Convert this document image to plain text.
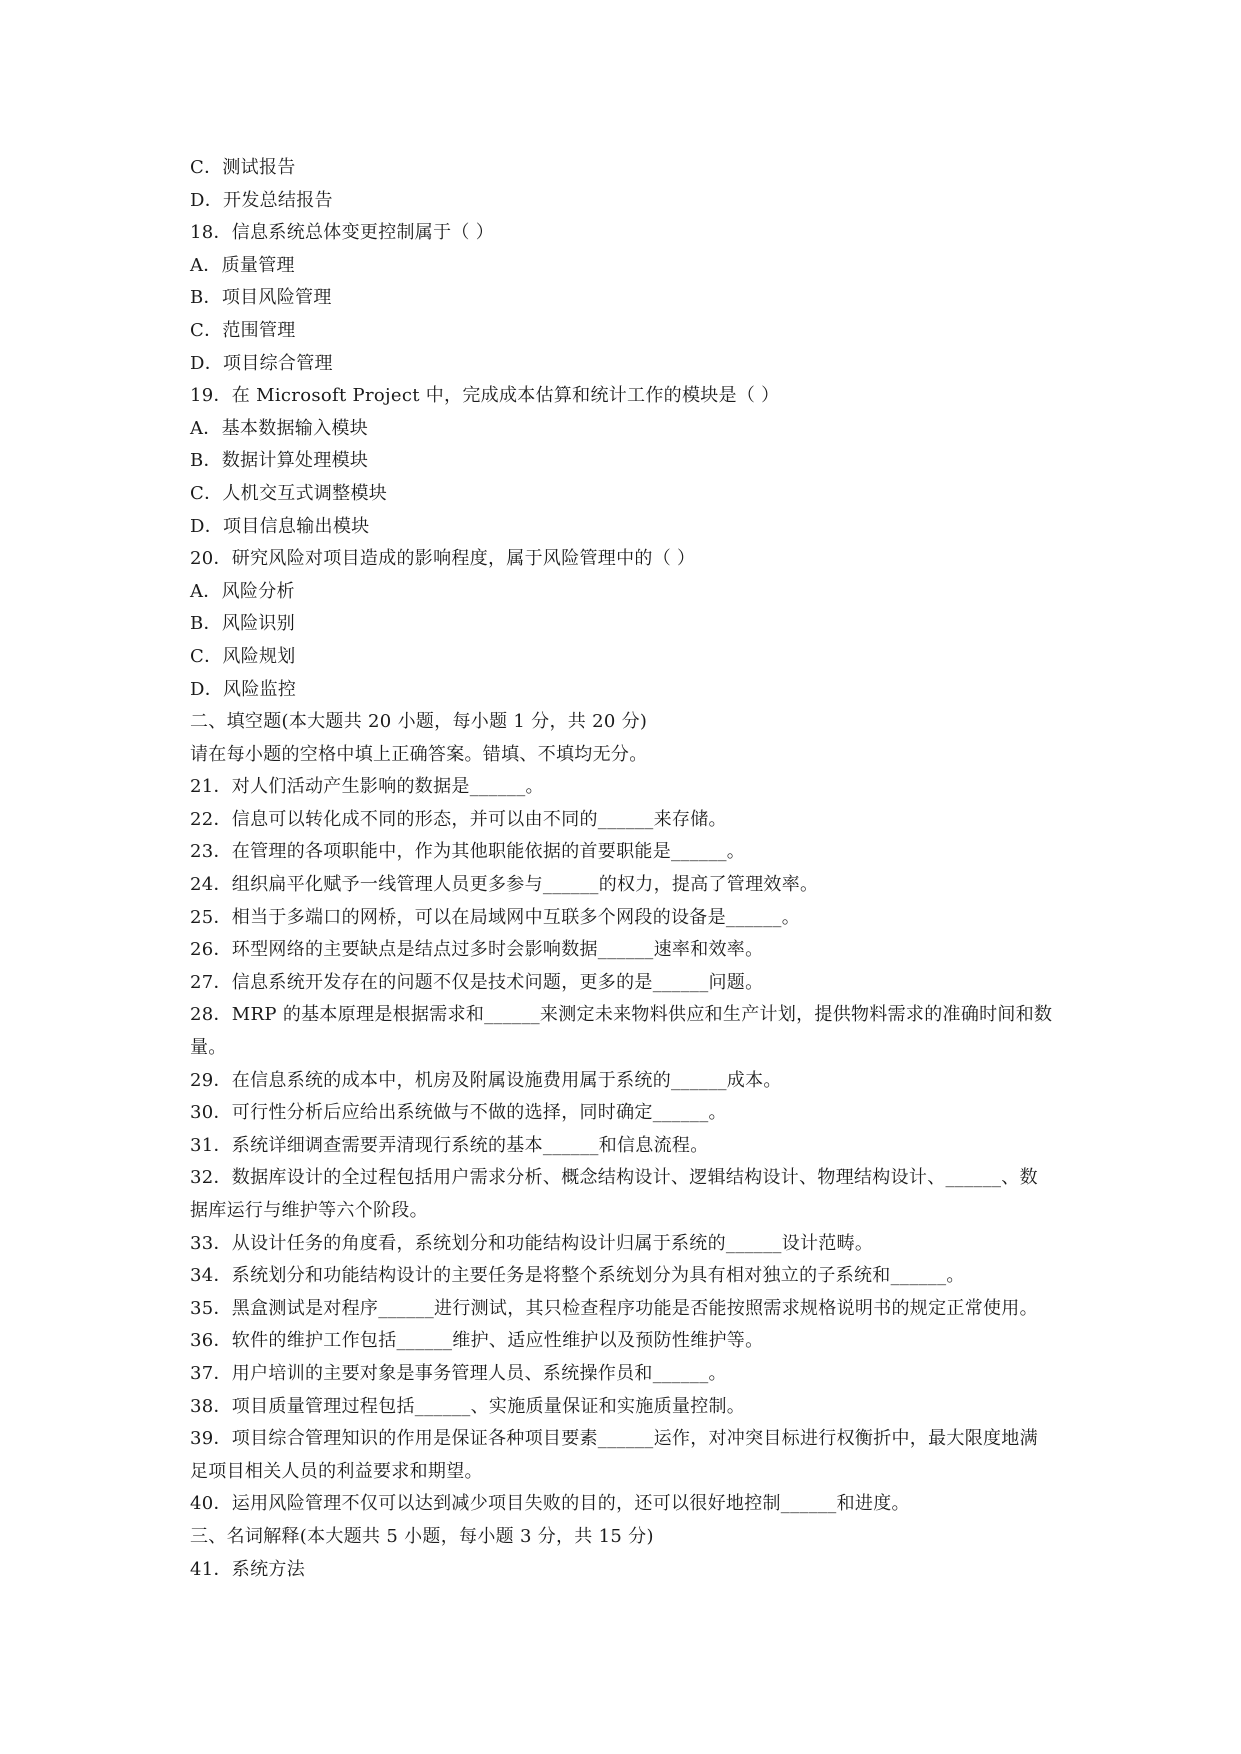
C．测试报告
D．开发总结报告
18．信息系统总体变更控制属于（ ）
A．质量管理
B．项目风险管理
C．范围管理
D．项目综合管理
19．在 Microsoft Project 中，完成成本估算和统计工作的模块是（ ）
A．基本数据输入模块
B．数据计算处理模块
C．人机交互式调整模块
D．项目信息输出模块
20．研究风险对项目造成的影响程度，属于风险管理中的（ ）
A．风险分析
B．风险识别
C．风险规划
D．风险监控
二、填空题(本大题共 20 小题，每小题 1 分，共 20 分)
请在每小题的空格中填上正确答案。错填、不填均无分。
21．对人们活动产生影响的数据是______。
22．信息可以转化成不同的形态，并可以由不同的______来存储。
23．在管理的各项职能中，作为其他职能依据的首要职能是______。
24．组织扁平化赋予一线管理人员更多参与______的权力，提高了管理效率。
25．相当于多端口的网桥，可以在局域网中互联多个网段的设备是______。
26．环型网络的主要缺点是结点过多时会影响数据______速率和效率。
27．信息系统开发存在的问题不仅是技术问题，更多的是______问题。
28．MRP 的基本原理是根据需求和______来测定未来物料供应和生产计划，提供物料需求的准确时间和数
量。
29．在信息系统的成本中，机房及附属设施费用属于系统的______成本。
30．可行性分析后应给出系统做与不做的选择，同时确定______。
31．系统详细调查需要弄清现行系统的基本______和信息流程。
32．数据库设计的全过程包括用户需求分析、概念结构设计、逻辑结构设计、物理结构设计、______、数
据库运行与维护等六个阶段。
33．从设计任务的角度看，系统划分和功能结构设计归属于系统的______设计范畴。
34．系统划分和功能结构设计的主要任务是将整个系统划分为具有相对独立的子系统和______。
35．黑盒测试是对程序______进行测试，其只检查程序功能是否能按照需求规格说明书的规定正常使用。
36．软件的维护工作包括______维护、适应性维护以及预防性维护等。
37．用户培训的主要对象是事务管理人员、系统操作员和______。
38．项目质量管理过程包括______、实施质量保证和实施质量控制。
39．项目综合管理知识的作用是保证各种项目要素______运作，对冲突目标进行权衡折中，最大限度地满
足项目相关人员的利益要求和期望。
40．运用风险管理不仅可以达到减少项目失败的目的，还可以很好地控制______和进度。
三、名词解释(本大题共 5 小题，每小题 3 分，共 15 分)
41．系统方法
